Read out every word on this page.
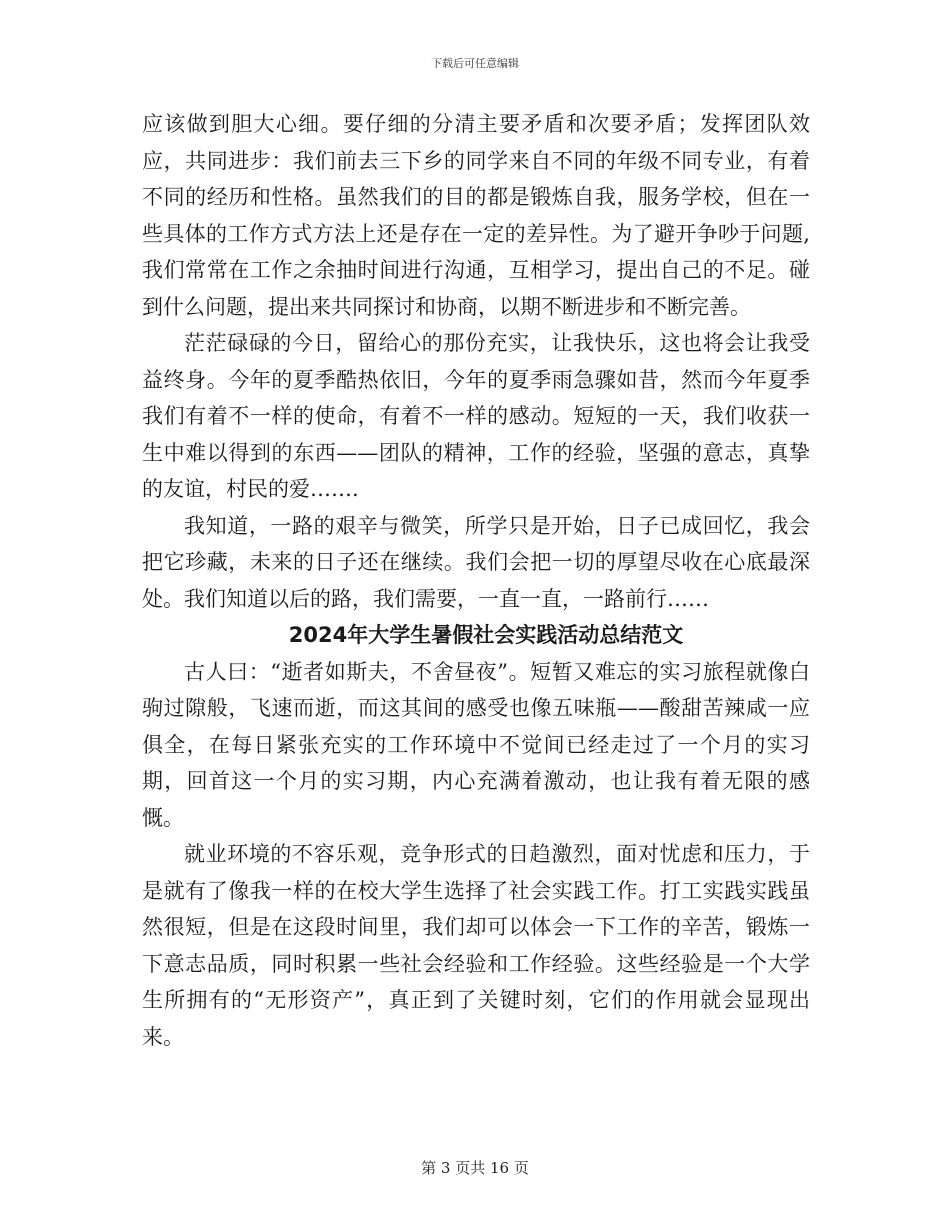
下载后可任意编辑

应该做到胆大心细。要仔细的分清主要矛盾和次要矛盾；发挥团队效应，共同进步：我们前去三下乡的同学来自不同的年级不同专业，有着不同的经历和性格。虽然我们的目的都是锻炼自我，服务学校，但在一些具体的工作方式方法上还是存在一定的差异性。为了避开争吵于问题,我们常常在工作之余抽时间进行沟通，互相学习，提出自己的不足。碰到什么问题，提出来共同探讨和协商，以期不断进步和不断完善。

茫茫碌碌的今日，留给心的那份充实，让我快乐，这也将会让我受益终身。今年的夏季酷热依旧，今年的夏季雨急骤如昔，然而今年夏季我们有着不一样的使命，有着不一样的感动。短短的一天，我们收获一生中难以得到的东西——团队的精神，工作的经验，坚强的意志，真挚的友谊，村民的爱…….

我知道，一路的艰辛与微笑，所学只是开始，日子已成回忆，我会把它珍藏，未来的日子还在继续。我们会把一切的厚望尽收在心底最深处。我们知道以后的路，我们需要，一直一直，一路前行……

2024年大学生暑假社会实践活动总结范文

古人曰：“逝者如斯夫，不舍昼夜”。短暂又难忘的实习旅程就像白驹过隙般，飞速而逝，而这其间的感受也像五味瓶——酸甜苦辣咸一应俱全，在每日紧张充实的工作环境中不觉间已经走过了一个月的实习期，回首这一个月的实习期，内心充满着激动，也让我有着无限的感慨。

就业环境的不容乐观，竞争形式的日趋激烈，面对忧虑和压力，于是就有了像我一样的在校大学生选择了社会实践工作。打工实践实践虽然很短，但是在这段时间里，我们却可以体会一下工作的辛苦，锻炼一下意志品质，同时积累一些社会经验和工作经验。这些经验是一个大学生所拥有的“无形资产”，真正到了关键时刻，它们的作用就会显现出来。

第 3 页共 16 页
